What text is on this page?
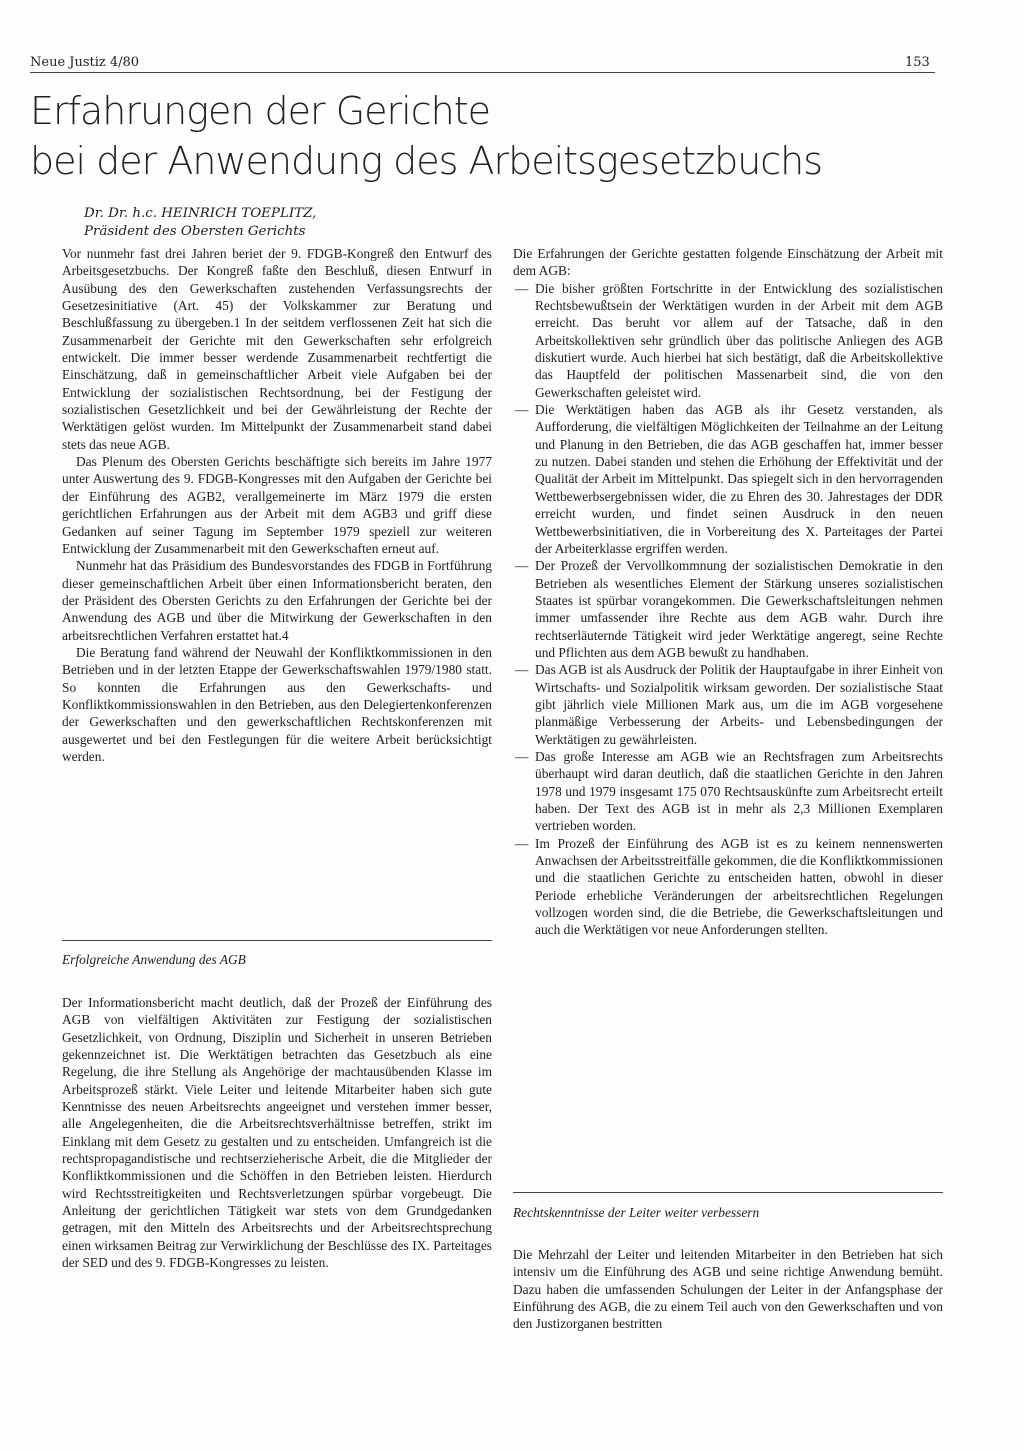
Neue Justiz 4/80	153
Erfahrungen der Gerichte
bei der Anwendung des Arbeitsgesetzbuchs
Dr. Dr. h.c. HEINRICH TOEPLITZ,
Präsident des Obersten Gerichts

Vor nunmehr fast drei Jahren beriet der 9. FDGB-Kongreß den Entwurf des Arbeitsgesetzbuchs. Der Kongreß faßte den Beschluß, diesen Entwurf in Ausübung des den Gewerkschaften zustehenden Verfassungsrechts der Gesetzesinitiative (Art. 45) der Volkskammer zur Beratung und Beschlußfassung zu übergeben.1 In der seitdem verflossenen Zeit hat sich die Zusammenarbeit der Gerichte mit den Gewerkschaften sehr erfolgreich entwickelt. Die immer besser werdende Zusammenarbeit rechtfertigt die Einschätzung, daß in gemeinschaftlicher Arbeit viele Aufgaben bei der Entwicklung der sozialistischen Rechtsordnung, bei der Festigung der sozialistischen Gesetzlichkeit und bei der Gewährleistung der Rechte der Werktätigen gelöst wurden. Im Mittelpunkt der Zusammenarbeit stand dabei stets das neue AGB.

Das Plenum des Obersten Gerichts beschäftigte sich bereits im Jahre 1977 unter Auswertung des 9. FDGB-Kongresses mit den Aufgaben der Gerichte bei der Einführung des AGB2, verallgemeinerte im März 1979 die ersten gerichtlichen Erfahrungen aus der Arbeit mit dem AGB3 und griff diese Gedanken auf seiner Tagung im September 1979 speziell zur weiteren Entwicklung der Zusammenarbeit mit den Gewerkschaften erneut auf.

Nunmehr hat das Präsidium des Bundesvorstandes des FDGB in Fortführung dieser gemeinschaftlichen Arbeit über einen Informationsbericht beraten, den der Präsident des Obersten Gerichts zu den Erfahrungen der Gerichte bei der Anwendung des AGB und über die Mitwirkung der Gewerkschaften in den arbeitsrechtlichen Verfahren erstattet hat.4

Die Beratung fand während der Neuwahl der Konfliktkommissionen in den Betrieben und in der letzten Etappe der Gewerkschaftswahlen 1979/1980 statt. So konnten die Erfahrungen aus den Gewerkschafts- und Konfliktkommissionswahlen in den Betrieben, aus den Delegiertenkonferenzen der Gewerkschaften und den gewerkschaftlichen Rechtskonferenzen mit ausgewertet und bei den Festlegungen für die weitere Arbeit berücksichtigt werden.

Erfolgreiche Anwendung des AGB

Der Informationsbericht macht deutlich, daß der Prozeß der Einführung des AGB von vielfältigen Aktivitäten zur Festigung der sozialistischen Gesetzlichkeit, von Ordnung, Disziplin und Sicherheit in unseren Betrieben gekennzeichnet ist. Die Werktätigen betrachten das Gesetzbuch als eine Regelung, die ihre Stellung als Angehörige der machtausübenden Klasse im Arbeitsprozeß stärkt. Viele Leiter und leitende Mitarbeiter haben sich gute Kenntnisse des neuen Arbeitsrechts angeeignet und verstehen immer besser, alle Angelegenheiten, die die Arbeitsrechtsverhältnisse betreffen, strikt im Einklang mit dem Gesetz zu gestalten und zu entscheiden. Umfangreich ist die rechtspropagandistische und rechtserzieherische Arbeit, die die Mitglieder der Konfliktkommissionen und die Schöffen in den Betrieben leisten. Hierdurch wird Rechtsstreitigkeiten und Rechtsverletzungen spürbar vorgebeugt. Die Anleitung der gerichtlichen Tätigkeit war stets von dem Grundgedanken getragen, mit den Mitteln des Arbeitsrechts und der Arbeitsrechtsprechung einen wirksamen Beitrag zur Verwirklichung der Beschlüsse des IX. Parteitages der SED und des 9. FDGB-Kongresses zu leisten.

Die Erfahrungen der Gerichte gestatten folgende Einschätzung der Arbeit mit dem AGB:

— Die bisher größten Fortschritte in der Entwicklung des sozialistischen Rechtsbewußtsein der Werktätigen wurden in der Arbeit mit dem AGB erreicht. Das beruht vor allem auf der Tatsache, daß in den Arbeitskollektiven sehr gründlich über das politische Anliegen des AGB diskutiert wurde. Auch hierbei hat sich bestätigt, daß die Arbeitskollektive das Hauptfeld der politischen Massenarbeit sind, die von den Gewerkschaften geleistet wird.
— Die Werktätigen haben das AGB als ihr Gesetz verstanden, als Aufforderung, die vielfältigen Möglichkeiten der Teilnahme an der Leitung und Planung in den Betrieben, die das AGB geschaffen hat, immer besser zu nutzen. Dabei standen und stehen die Erhöhung der Effektivität und der Qualität der Arbeit im Mittelpunkt. Das spiegelt sich in den hervorragenden Wettbewerbsergebnissen wider, die zu Ehren des 30. Jahrestages der DDR erreicht wurden, und findet seinen Ausdruck in den neuen Wettbewerbsinitiativen, die in Vorbereitung des X. Parteitages der Partei der Arbeiterklasse ergriffen werden.
— Der Prozeß der Vervollkommnung der sozialistischen Demokratie in den Betrieben als wesentliches Element der Stärkung unseres sozialistischen Staates ist spürbar vorangekommen. Die Gewerkschaftsleitungen nehmen immer umfassender ihre Rechte aus dem AGB wahr. Durch ihre rechtserläuternde Tätigkeit wird jeder Werktätige angeregt, seine Rechte und Pflichten aus dem AGB bewußt zu handhaben.
— Das AGB ist als Ausdruck der Politik der Hauptaufgabe in ihrer Einheit von Wirtschafts- und Sozialpolitik wirksam geworden. Der sozialistische Staat gibt jährlich viele Millionen Mark aus, um die im AGB vorgesehene planmäßige Verbesserung der Arbeits- und Lebensbedingungen der Werktätigen zu gewährleisten.
— Das große Interesse am AGB wie an Rechtsfragen zum Arbeitsrechts überhaupt wird daran deutlich, daß die staatlichen Gerichte in den Jahren 1978 und 1979 insgesamt 175 070 Rechtsauskünfte zum Arbeitsrecht erteilt haben. Der Text des AGB ist in mehr als 2,3 Millionen Exemplaren vertrieben worden.
— Im Prozeß der Einführung des AGB ist es zu keinem nennenswerten Anwachsen der Arbeitsstreitfälle gekommen, die die Konfliktkommissionen und die staatlichen Gerichte zu entscheiden hatten, obwohl in dieser Periode erhebliche Veränderungen der arbeitsrechtlichen Regelungen vollzogen worden sind, die die Betriebe, die Gewerkschaftsleitungen und auch die Werktätigen vor neue Anforderungen stellten.
Rechtskenntnisse der Leiter weiter verbessern

Die Mehrzahl der Leiter und leitenden Mitarbeiter in den Betrieben hat sich intensiv um die Einführung des AGB und seine richtige Anwendung bemüht. Dazu haben die umfassenden Schulungen der Leiter in der Anfangsphase der Einführung des AGB, die zu einem Teil auch von den Gewerkschaften und von den Justizorganen bestritten
